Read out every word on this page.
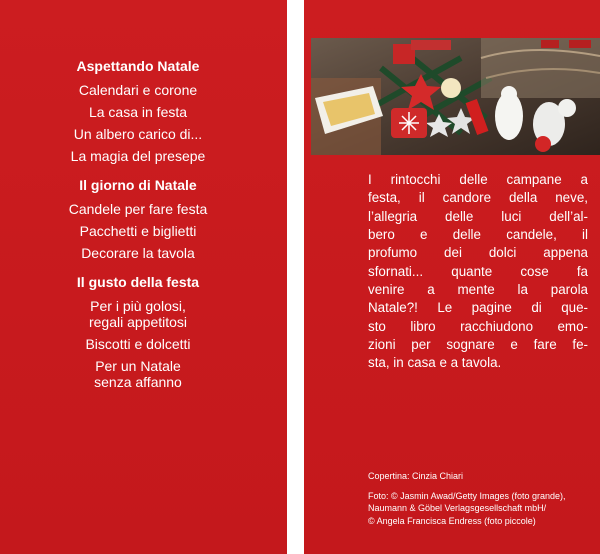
Aspettando Natale
Calendari e corone
La casa in festa
Un albero carico di...
La magia del presepe
Il giorno di Natale
Candele per fare festa
Pacchetti e biglietti
Decorare la tavola
Il gusto della festa
Per i più golosi,
regali appetitosi
Biscotti e dolcetti
Per un Natale
senza affanno
I rintocchi delle campane a
festa, il candore della neve,
l’allegria delle luci dell’al-
bero e delle candele, il
profumo dei dolci appena
sfornati... quante cose fa
venire a mente la parola
Natale?! Le pagine di que-
sto libro racchiudono emo-
zioni per sognare e fare fe-
sta, in casa e a tavola.
Copertina: Cinzia Chiari
Foto: © Jasmin Awad/Getty Images (foto grande),
Naumann & Göbel Verlagsgesellschaft mbH/
© Angela Francisca Endress (foto piccole)
